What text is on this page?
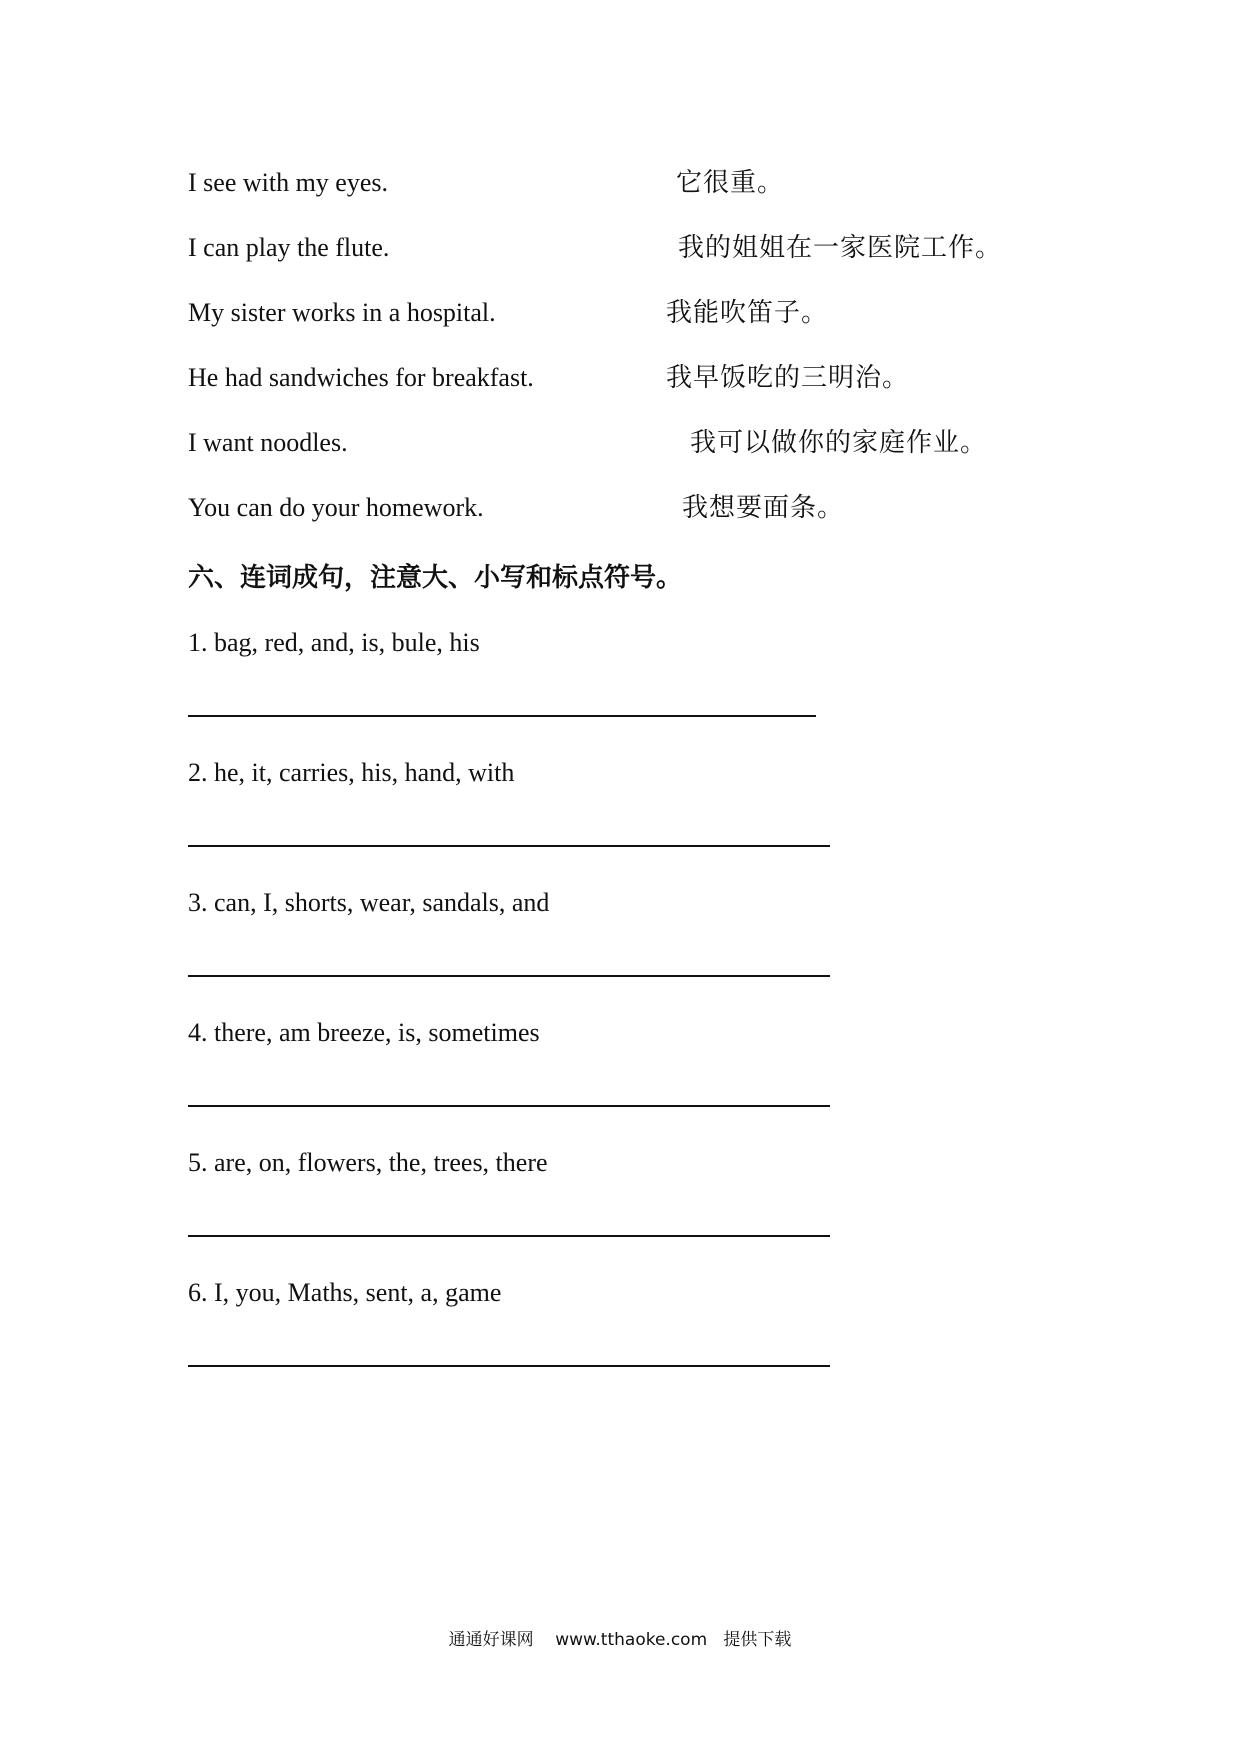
I see with my eyes.	它很重。
I can play the flute.	我的姐姐在一家医院工作。
My sister works in a hospital.	我能吹笛子。
He had sandwiches for breakfast.	我早饭吃的三明治。
I want noodles.	我可以做你的家庭作业。
You can do your homework.	我想要面条。
六、连词成句，注意大、小写和标点符号。
1. bag, red, and, is, bule, his
2. he, it, carries, his, hand, with
3. can, I, shorts, wear, sandals, and
4. there, am breeze, is, sometimes
5. are, on, flowers, the, trees, there
6. I, you, Maths, sent, a, game
通通好课网 www.tthaoke.com 提供下载
